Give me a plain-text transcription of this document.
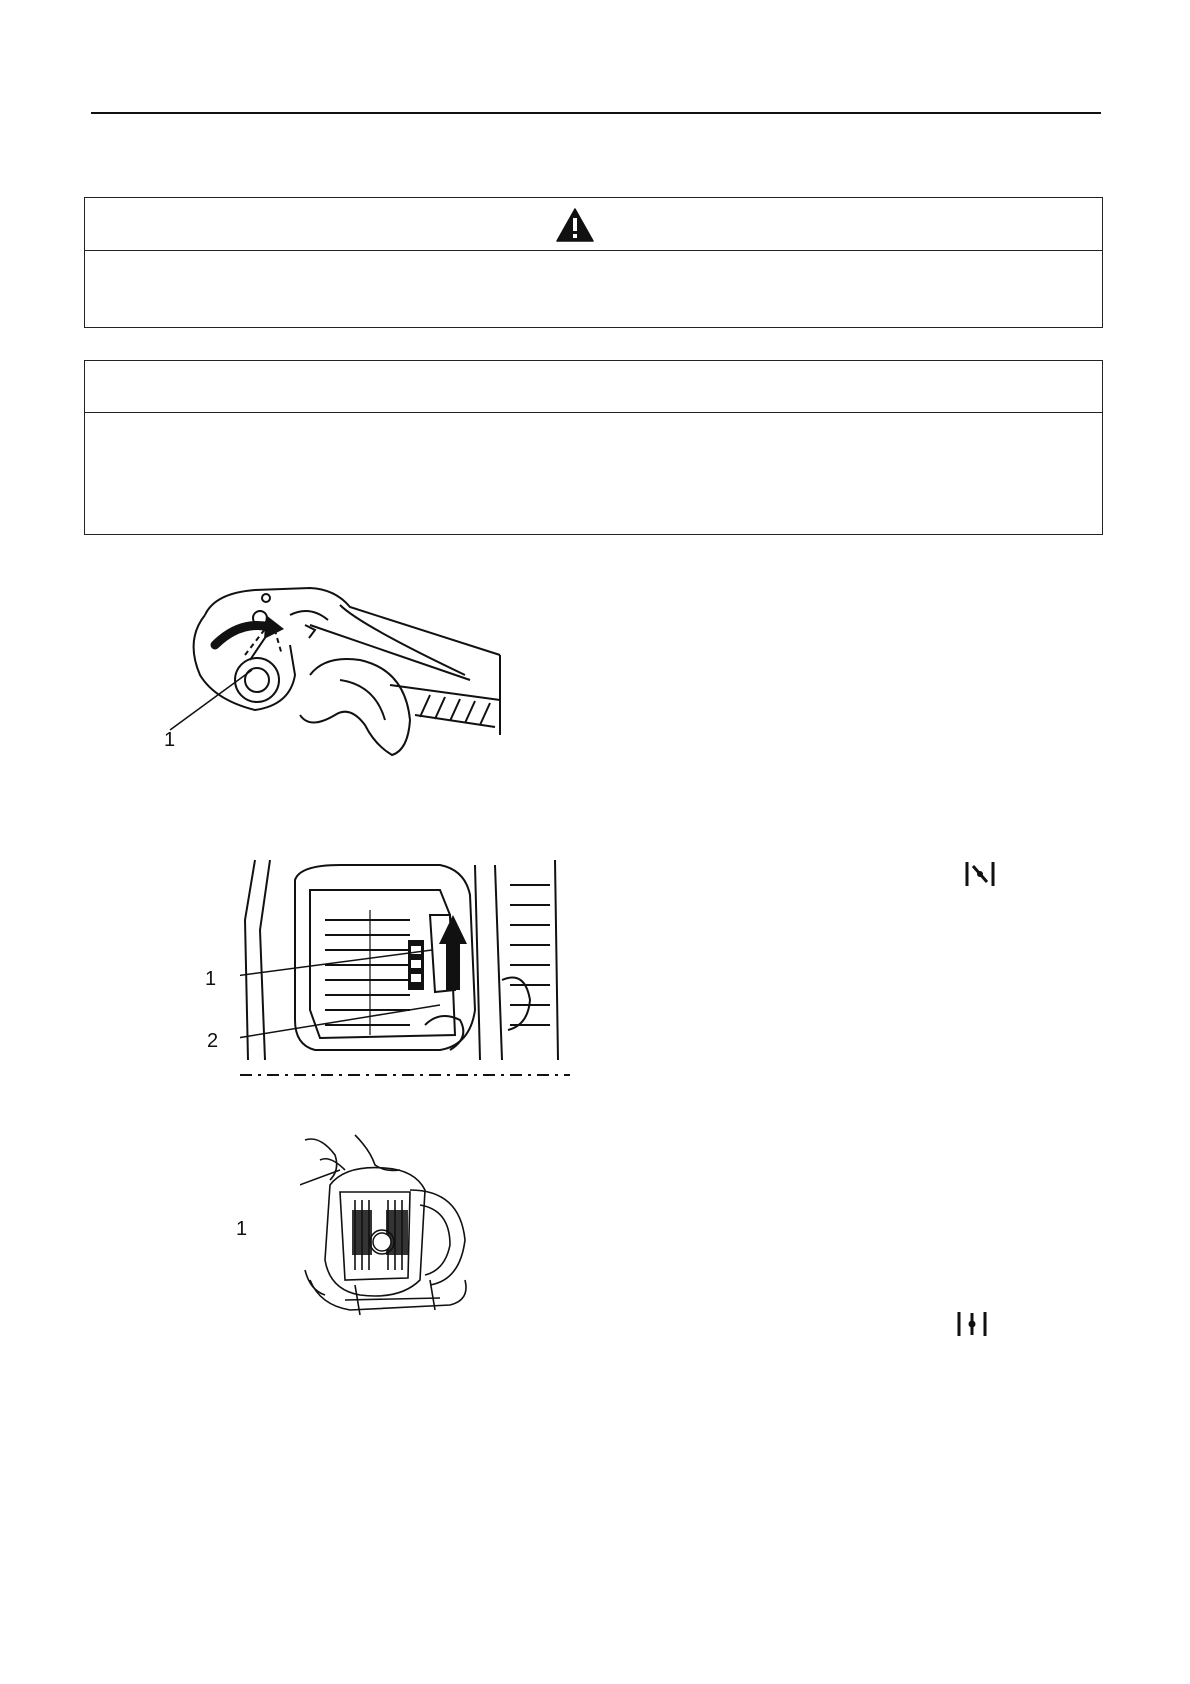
1
1
2
1
